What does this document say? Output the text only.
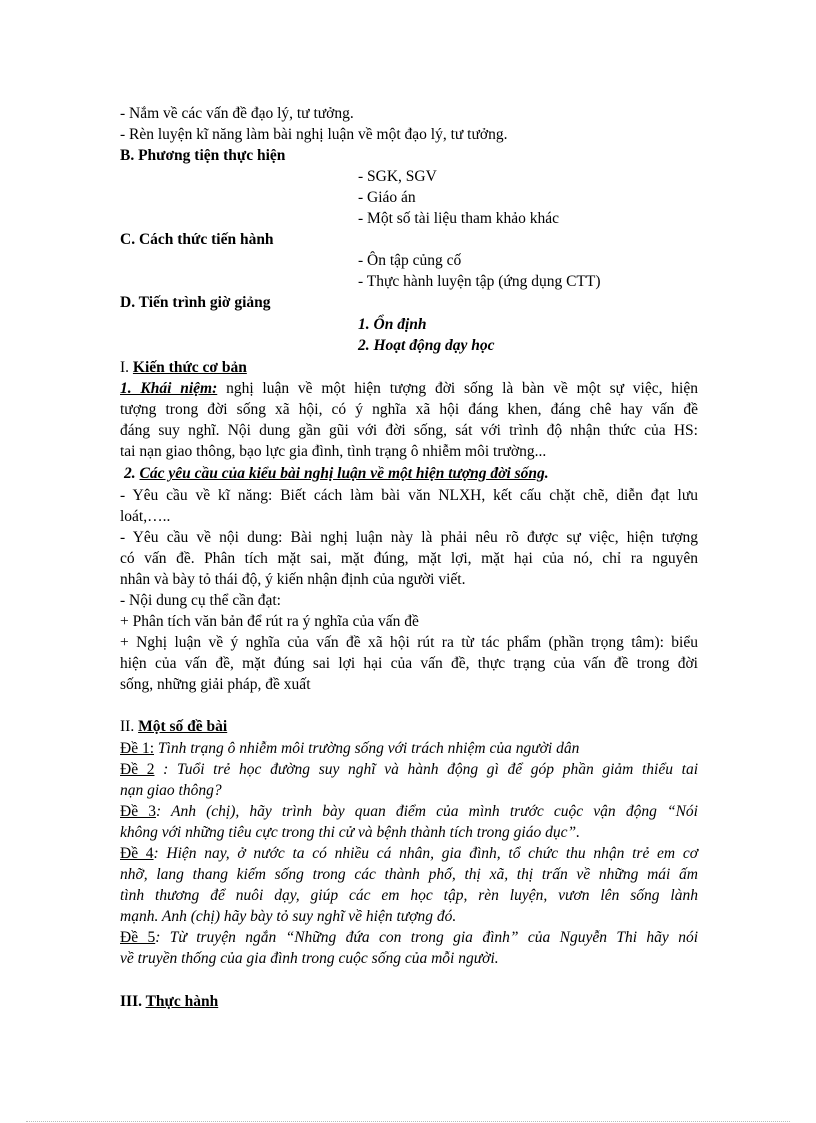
- Nắm về các vấn đề đạo lý, tư tưởng.
- Rèn luyện kĩ năng làm bài nghị luận về một đạo lý, tư tưởng.
B. Phương tiện thực hiện
- SGK, SGV
- Giáo án
- Một số tài liệu tham khảo khác
C. Cách thức tiến hành
- Ôn tập củng cố
- Thực hành luyện tập (ứng dụng CTT)
D. Tiến trình giờ giảng
1. Ổn định
2. Hoạt động dạy học
I. Kiến thức cơ bản
1. Khái niệm: nghị luận về một hiện tượng đời sống là bàn về một sự việc, hiện
tượng trong đời sống xã hội, có ý nghĩa xã hội đáng khen, đáng chê hay vấn đề
đáng suy nghĩ. Nội dung gần gũi với đời sống, sát với trình độ nhận thức của HS:
tai nạn giao thông, bạo lực gia đình, tình trạng ô nhiễm môi trường...
2. Các yêu cầu của kiểu bài nghị luận về một hiện tượng đời sống.
- Yêu cầu về kĩ năng: Biết cách làm bài văn NLXH, kết cấu chặt chẽ, diễn đạt lưu
loát,…..
- Yêu cầu về nội dung: Bài nghị luận này là phải nêu rõ được sự việc, hiện tượng
có vấn đề. Phân tích mặt sai, mặt đúng, mặt lợi, mặt hại của nó, chỉ ra nguyên
nhân và bày tỏ thái độ, ý kiến nhận định của người viết.
- Nội dung cụ thể cần đạt:
+ Phân tích văn bản để rút ra ý nghĩa của vấn đề
+ Nghị luận về ý nghĩa của vấn đề xã hội rút ra từ tác phẩm (phần trọng tâm): biểu
hiện của vấn đề, mặt đúng sai lợi hại của vấn đề, thực trạng của vấn đề trong đời
sống, những giải pháp, đề xuất
II. Một số đề bài
Đề 1: Tình trạng ô nhiễm môi trường sống với trách nhiệm của người dân
Đề 2 : Tuổi trẻ học đường suy nghĩ và hành động gì để góp phần giảm thiểu tai
nạn giao thông?
Đề 3: Anh (chị), hãy trình bày quan điểm của mình trước cuộc vận động “Nói
không với những tiêu cực trong thi cử và bệnh thành tích trong giáo dục”.
Đề 4: Hiện nay, ở nước ta có nhiều cá nhân, gia đình, tổ chức thu nhận trẻ em cơ
nhỡ, lang thang kiếm sống trong các thành phố, thị xã, thị trấn về những mái ấm
tình thương để nuôi dạy, giúp các em học tập, rèn luyện, vươn lên sống lành
mạnh. Anh (chị) hãy bày tỏ suy nghĩ về hiện tượng đó.
Đề 5: Từ truyện ngắn “Những đứa con trong gia đình” của Nguyễn Thi hãy nói
về truyền thống của gia đình trong cuộc sống của mỗi người.
III. Thực hành
